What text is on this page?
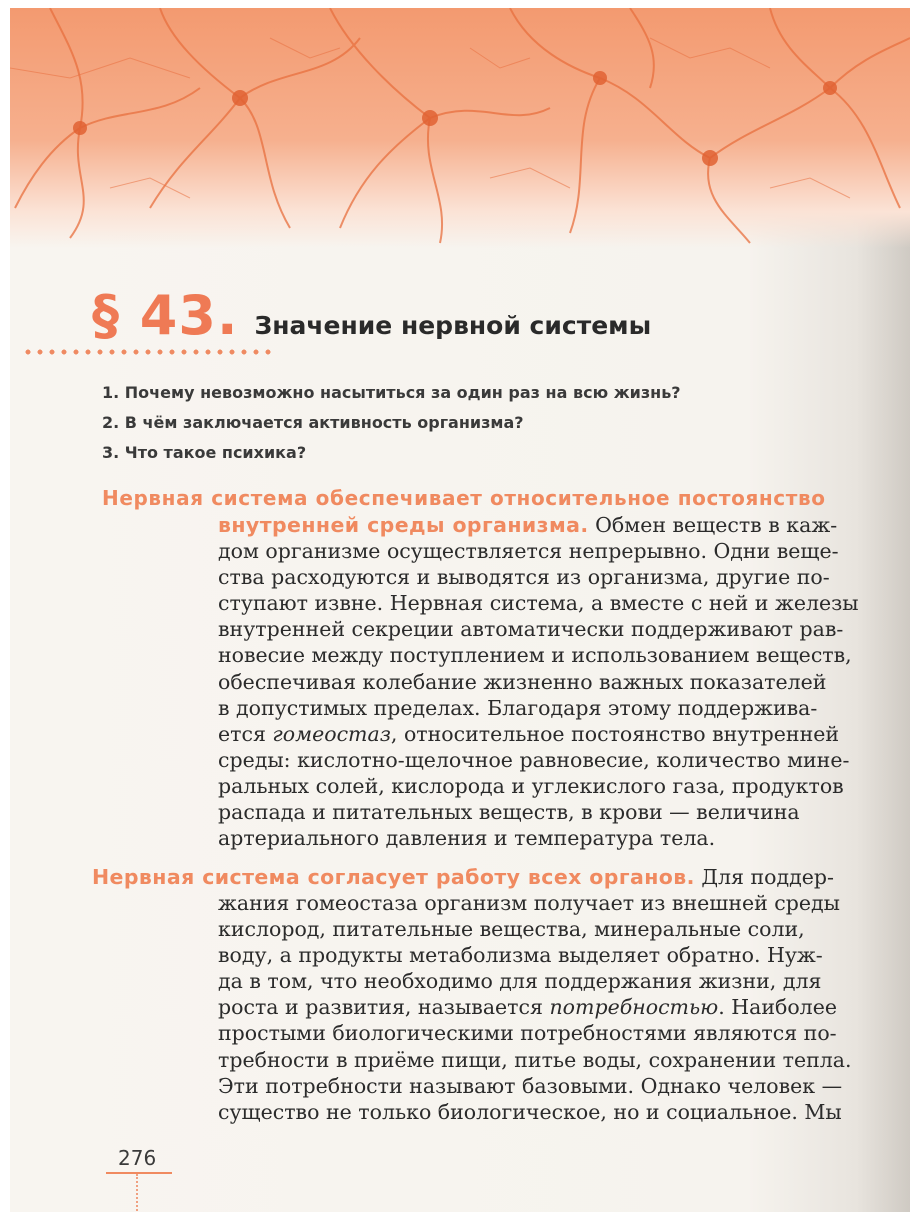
§ 43. Значение нервной системы
1. Почему невозможно насытиться за один раз на всю жизнь?
2. В чём заключается активность организма?
3. Что такое психика?
Нервная система обеспечивает относительное постоянство
внутренней среды организма. Обмен веществ в каж-
дом организме осуществляется непрерывно. Одни веще-
ства расходуются и выводятся из организма, другие по-
ступают извне. Нервная система, а вместе с ней и железы
внутренней секреции автоматически поддерживают рав-
новесие между поступлением и использованием веществ,
обеспечивая колебание жизненно важных показателей
в допустимых пределах. Благодаря этому поддержива-
ется гомеостаз, относительное постоянство внутренней
среды: кислотно-щелочное равновесие, количество мине-
ральных солей, кислорода и углекислого газа, продуктов
распада и питательных веществ, в крови — величина
артериального давления и температура тела.
Нервная система согласует работу всех органов. Для поддер-
жания гомеостаза организм получает из внешней среды
кислород, питательные вещества, минеральные соли,
воду, а продукты метаболизма выделяет обратно. Нуж-
да в том, что необходимо для поддержания жизни, для
роста и развития, называется потребностью. Наиболее
простыми биологическими потребностями являются по-
требности в приёме пищи, питье воды, сохранении тепла.
Эти потребности называют базовыми. Однако человек —
существо не только биологическое, но и социальное. Мы
276
